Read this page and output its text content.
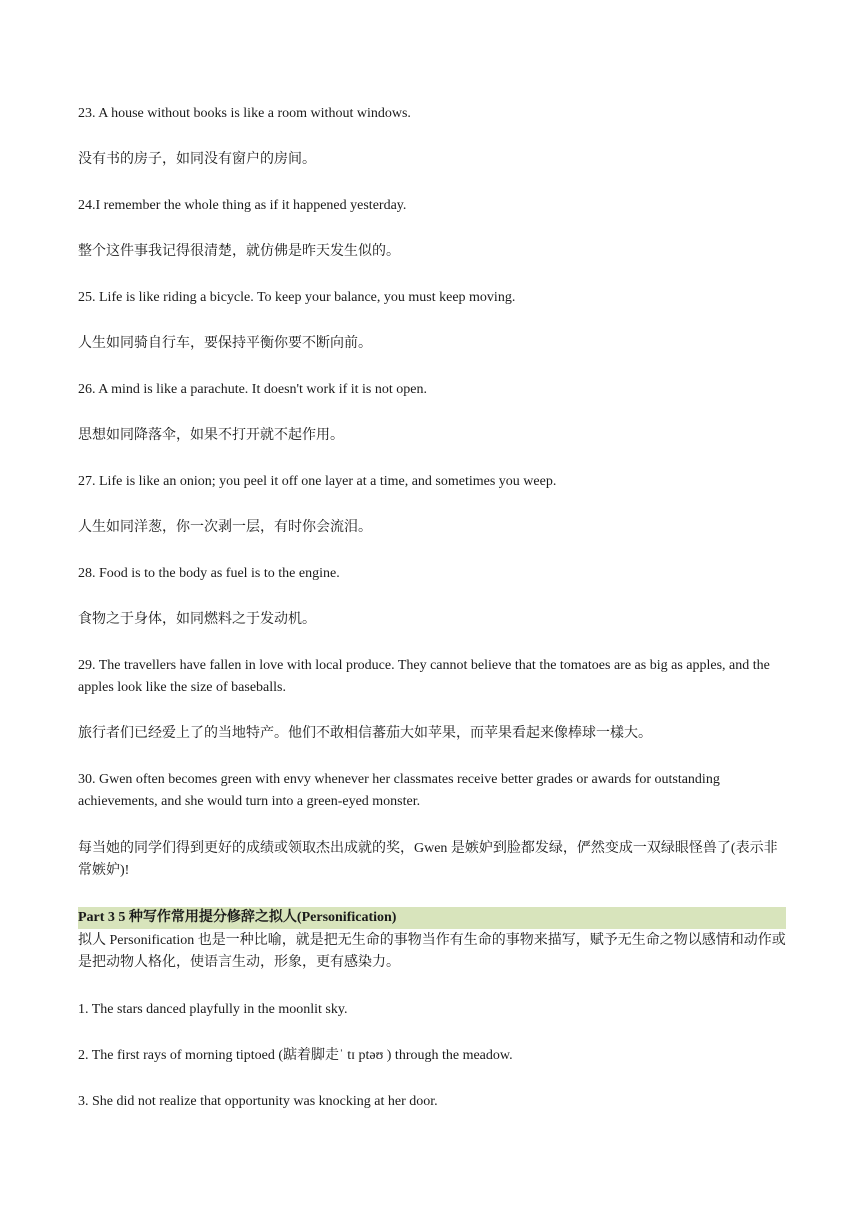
23. A house without books is like a room without windows.
没有书的房子，如同没有窗户的房间。
24.I remember the whole thing as if it happened yesterday.
整个这件事我记得很清楚，就仿佛是昨天发生似的。
25. Life is like riding a bicycle. To keep your balance, you must keep moving.
人生如同骑自行车，要保持平衡你要不断向前。
26. A mind is like a parachute. It doesn't work if it is not open.
思想如同降落伞，如果不打开就不起作用。
27. Life is like an onion; you peel it off one layer at a time, and sometimes you weep.
人生如同洋葱，你一次剥一层，有时你会流泪。
28. Food is to the body as fuel is to the engine.
食物之于身体，如同燃料之于发动机。
29. The travellers have fallen in love with local produce. They cannot believe that the tomatoes are as big as apples, and the apples look like the size of baseballs.
旅行者们已经爱上了的当地特产。他们不敢相信蕃茄大如苹果，而苹果看起来像棒球一樣大。
30. Gwen often becomes green with envy whenever her classmates receive better grades or awards for outstanding achievements, and she would turn into a green-eyed monster.
每当她的同学们得到更好的成绩或领取杰出成就的奖，Gwen 是嫉妒到脸都发绿，俨然变成一双绿眼怪兽了(表示非常嫉妒)!
Part 3 5 种写作常用提分修辞之拟人(Personification)
拟人 Personification 也是一种比喻，就是把无生命的事物当作有生命的事物来描写，赋予无生命之物以感情和动作或是把动物人格化，使语言生动，形象，更有感染力。
1. The stars danced playfully in the moonlit sky.
2. The first rays of morning tiptoed (踮着脚走ˈ tɪ ptəʊ ) through the meadow.
3. She did not realize that opportunity was knocking at her door.
